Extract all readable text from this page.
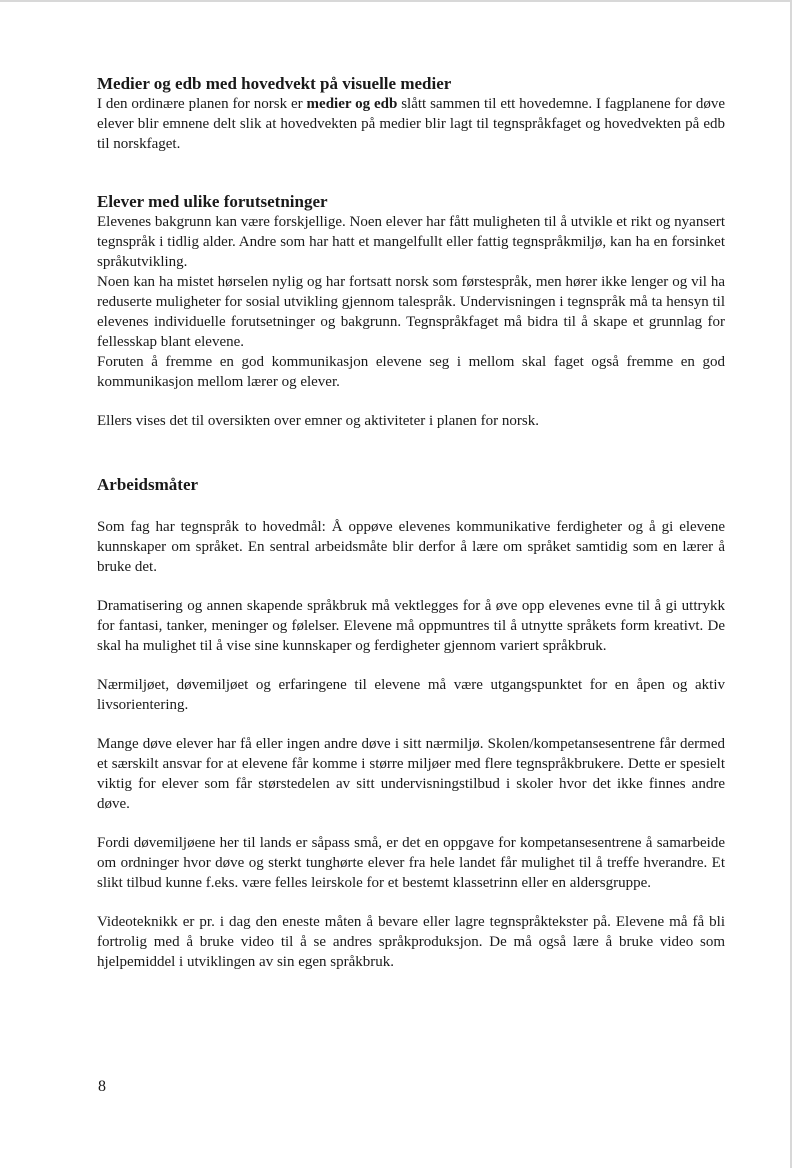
Medier og edb med hovedvekt på visuelle medier

I den ordinære planen for norsk er medier og edb slått sammen til ett hovedemne. I fagplanene for døve elever blir emnene delt slik at hovedvekten på medier blir lagt til tegnspråkfaget og hovedvekten på edb til norskfaget.

Elever med ulike forutsetninger

Elevenes bakgrunn kan være forskjellige. Noen elever har fått muligheten til å utvikle et rikt og nyansert tegnspråk i tidlig alder. Andre som har hatt et mangelfullt eller fattig tegnspråkmiljø, kan ha en forsinket språkutvikling.

Noen kan ha mistet hørselen nylig og har fortsatt norsk som førstespråk, men hører ikke lenger og vil ha reduserte muligheter for sosial utvikling gjennom talespråk. Undervisningen i tegnspråk må ta hensyn til elevenes individuelle forutsetninger og bakgrunn. Tegnspråkfaget må bidra til å skape et grunnlag for fellesskap blant elevene.

Foruten å fremme en god kommunikasjon elevene seg i mellom skal faget også fremme en god kommunikasjon mellom lærer og elever.

Ellers vises det til oversikten over emner og aktiviteter i planen for norsk.

Arbeidsmåter

Som fag har tegnspråk to hovedmål: Å oppøve elevenes kommunikative ferdigheter og å gi elevene kunnskaper om språket. En sentral arbeidsmåte blir derfor å lære om språket samtidig som en lærer å bruke det.

Dramatisering og annen skapende språkbruk må vektlegges for å øve opp elevenes evne til å gi uttrykk for fantasi, tanker, meninger og følelser. Elevene må oppmuntres til å utnytte språkets form kreativt. De skal ha mulighet til å vise sine kunnskaper og ferdigheter gjennom variert språkbruk.

Nærmiljøet, døvemiljøet og erfaringene til elevene må være utgangspunktet for en åpen og aktiv livsorientering.

Mange døve elever har få eller ingen andre døve i sitt nærmiljø. Skolen/kompetansesentrene får dermed et særskilt ansvar for at elevene får komme i større miljøer med flere tegnspråkbrukere. Dette er spesielt viktig for elever som får størstedelen av sitt undervisningstilbud i skoler hvor det ikke finnes andre døve.

Fordi døvemiljøene her til lands er såpass små, er det en oppgave for kompetansesentrene å samarbeide om ordninger hvor døve og sterkt tunghørte elever fra hele landet får mulighet til å treffe hverandre. Et slikt tilbud kunne f.eks. være felles leirskole for et bestemt klassetrinn eller en aldersgruppe.

Videoteknikk er pr. i dag den eneste måten å bevare eller lagre tegnspråktekster på. Elevene må få bli fortrolig med å bruke video til å se andres språkproduksjon. De må også lære å bruke video som hjelpemiddel i utviklingen av sin egen språkbruk.

8
